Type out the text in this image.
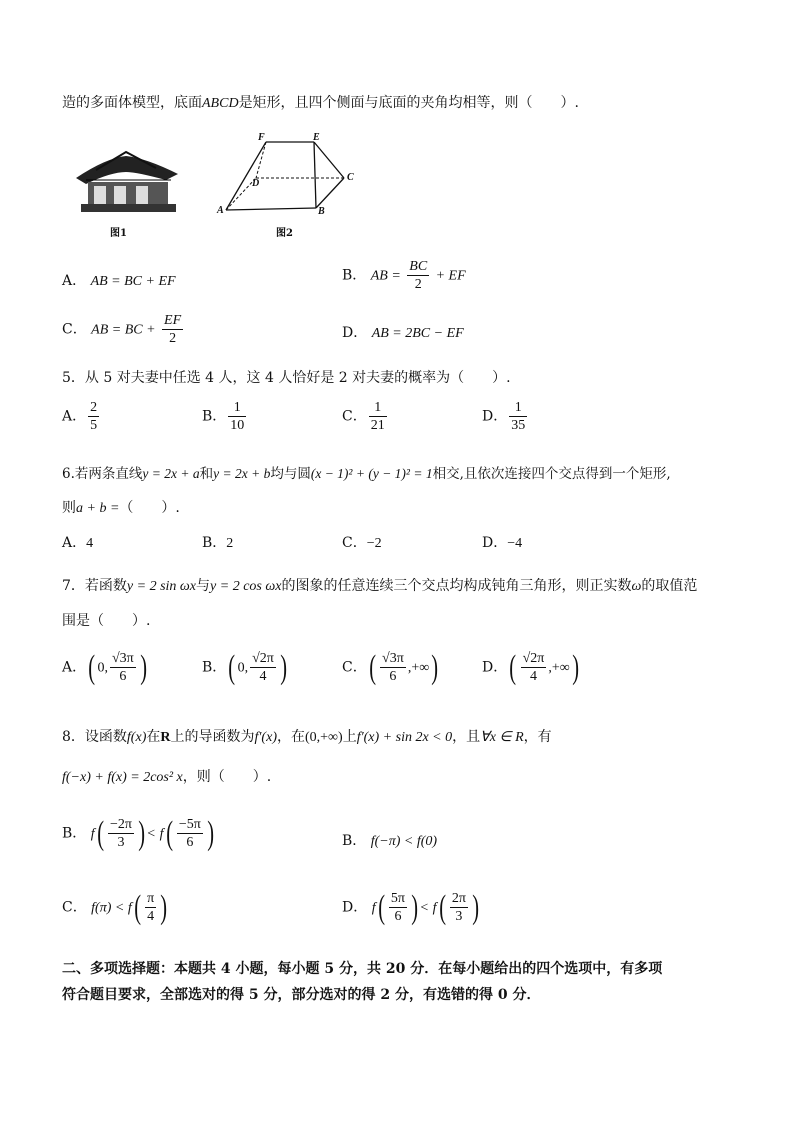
造的多面体模型，底面ABCD是矩形，且四个侧面与底面的夹角均相等，则（　　）.
图1
F	E
D
C
A	B
图2
A． AB = BC + EF	B． AB = $\frac{BC}{2}$ + EF
C． AB = BC + $\frac{EF}{2}$	D． AB = 2BC − EF
5．从 5 对夫妻中任选 4 人，这 4 人恰好是 2 对夫妻的概率为（　　）.
A． $\frac{2}{5}$	B． $\frac{1}{10}$	C． $\frac{1}{21}$	D． $\frac{1}{35}$
6.若两条直线y = 2x + a和y = 2x + b均与圆(x − 1)² + (y − 1)² = 1相交,且依次连接四个交点得到一个矩形,
则a + b =（　　）.
A．4	B．2	C．−2	D．−4
7．若函数y = 2 sin ωx与y = 2 cos ωx的图象的任意连续三个交点均构成钝角三角形，则正实数ω的取值范
围是（　　）.
A．( 0, $\frac{√3\pi}{6}$ )	B．( 0, $\frac{√2\pi}{4}$ )	C．( $\frac{√3\pi}{6}$ ,+∞)	D．( $\frac{√2\pi}{4}$ ,+∞)
8．设函数f(x)在R上的导函数为f′(x)，在(0,+∞)上f′(x) + sin 2x < 0，且∀x ∈ R，有
f(−x) + f(x) = 2cos² x，则（　　）.
B． $f( \frac{-2\pi}{3}$ ) < $f( \frac{-5\pi}{6}$ )	B． f(−π) < f(0)
C． $f(\pi) < f( \frac{\pi}{4}$ )	D． $f( \frac{5\pi}{6}$ ) < $f( \frac{2\pi}{3}$ )
二、多项选择题：本题共 4 小题，每小题 5 分，共 20 分．在每小题给出的四个选项中，有多项
符合题目要求，全部选对的得 5 分，部分选对的得 2 分，有选错的得 0 分．
